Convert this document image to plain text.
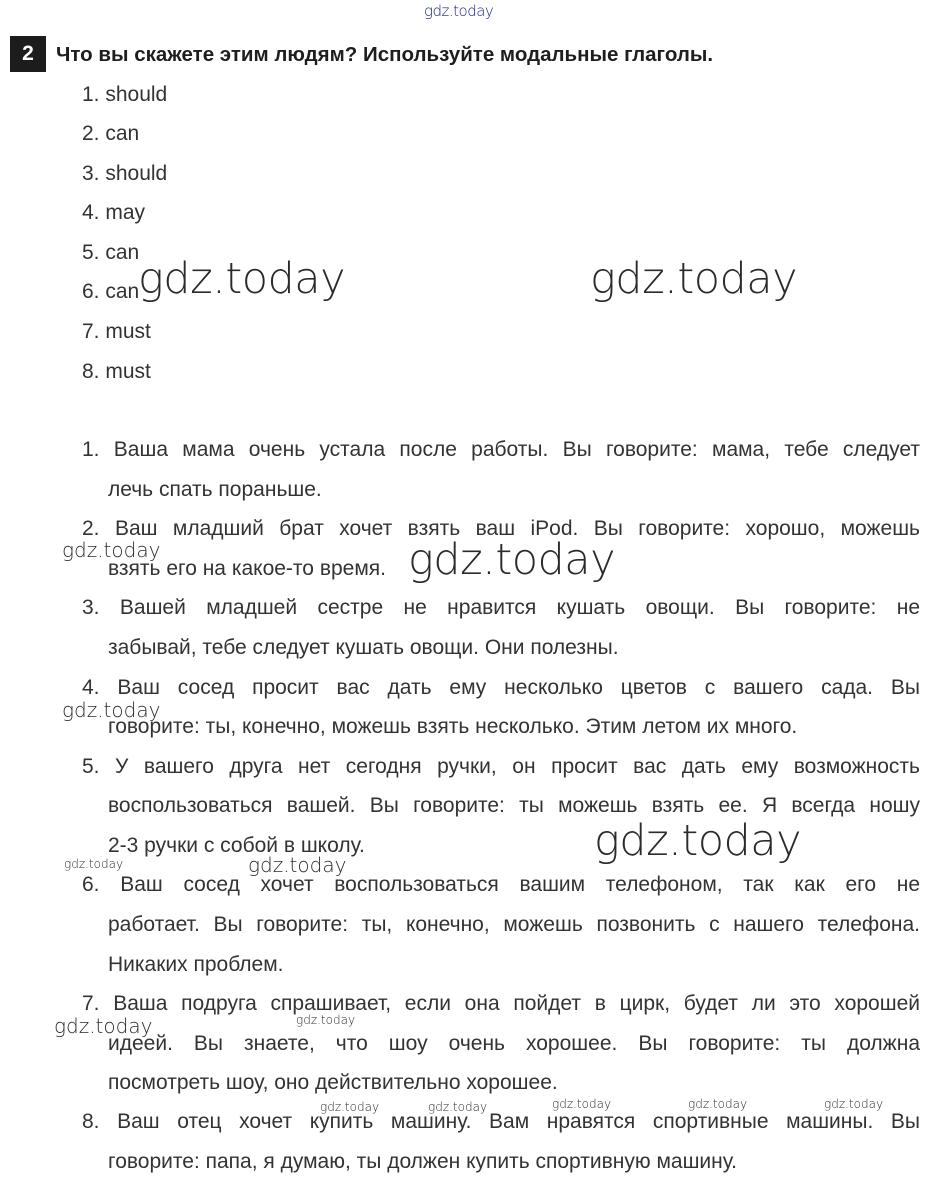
gdz.today
2	Что вы скажете этим людям? Используйте модальные глаголы.
1. should
2. can
3. should
4. may
5. can
6. can
7. must
8. must
1. Ваша мама очень устала после работы. Вы говорите: мама, тебе следует
лечь спать пораньше.
2. Ваш младший брат хочет взять ваш iPod. Вы говорите: хорошо, можешь
взять его на какое-то время.
3. Вашей младшей сестре не нравится кушать овощи. Вы говорите: не
забывай, тебе следует кушать овощи. Они полезны.
4. Ваш сосед просит вас дать ему несколько цветов с вашего сада. Вы
говорите: ты, конечно, можешь взять несколько. Этим летом их много.
5. У вашего друга нет сегодня ручки, он просит вас дать ему возможность
воспользоваться вашей. Вы говорите: ты можешь взять ее. Я всегда ношу
2-3 ручки с собой в школу.
6. Ваш сосед хочет воспользоваться вашим телефоном, так как его не
работает. Вы говорите: ты, конечно, можешь позвонить с нашего телефона.
Никаких проблем.
7. Ваша подруга спрашивает, если она пойдет в цирк, будет ли это хорошей
идеей. Вы знаете, что шоу очень хорошее. Вы говорите: ты должна
посмотреть шоу, оно действительно хорошее.
8. Ваш отец хочет купить машину. Вам нравятся спортивные машины. Вы
говорите: папа, я думаю, ты должен купить спортивную машину.
gdz.today	gdz.today
gdz.today
gdz.today
gdz.today
gdz.today
gdz.today
gdz.today
gdz.today
gdz.today
gdz.today	gdz.today	gdz.today	gdz.today	gdz.today
